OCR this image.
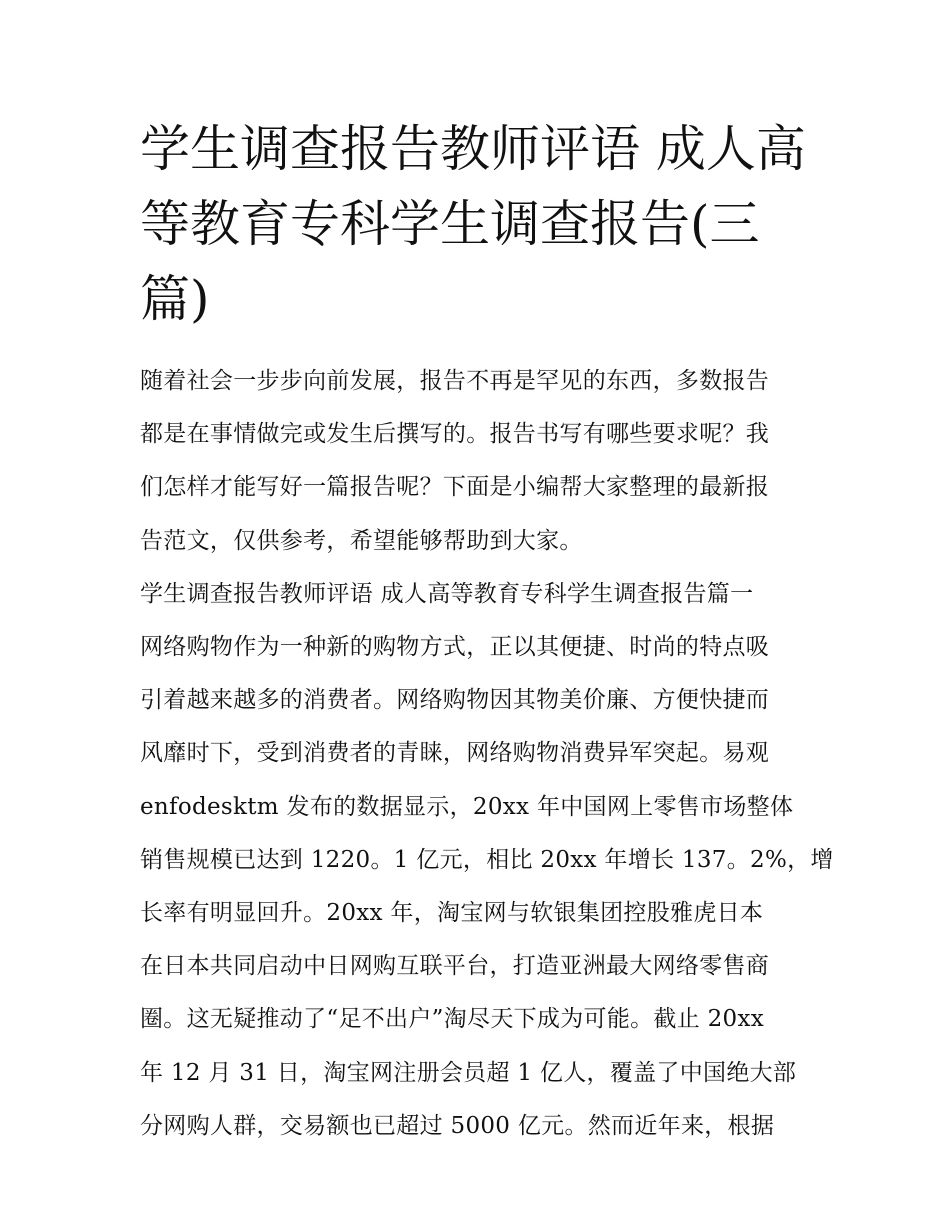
学生调查报告教师评语 成人高
等教育专科学生调查报告(三
篇)
随着社会一步步向前发展，报告不再是罕见的东西，多数报告
都是在事情做完或发生后撰写的。报告书写有哪些要求呢？我
们怎样才能写好一篇报告呢？下面是小编帮大家整理的最新报
告范文，仅供参考，希望能够帮助到大家。
学生调查报告教师评语 成人高等教育专科学生调查报告篇一
网络购物作为一种新的购物方式，正以其便捷、时尚的特点吸
引着越来越多的消费者。网络购物因其物美价廉、方便快捷而
风靡时下，受到消费者的青睐，网络购物消费异军突起。易观
enfodesktm 发布的数据显示，20xx 年中国网上零售市场整体
销售规模已达到 1220。1 亿元，相比 20xx 年增长 137。2%，增
长率有明显回升。20xx 年，淘宝网与软银集团控股雅虎日本
在日本共同启动中日网购互联平台，打造亚洲最大网络零售商
圈。这无疑推动了“足不出户”淘尽天下成为可能。截止 20xx
年 12 月 31 日，淘宝网注册会员超 1 亿人，覆盖了中国绝大部
分网购人群，交易额也已超过 5000 亿元。然而近年来，根据
